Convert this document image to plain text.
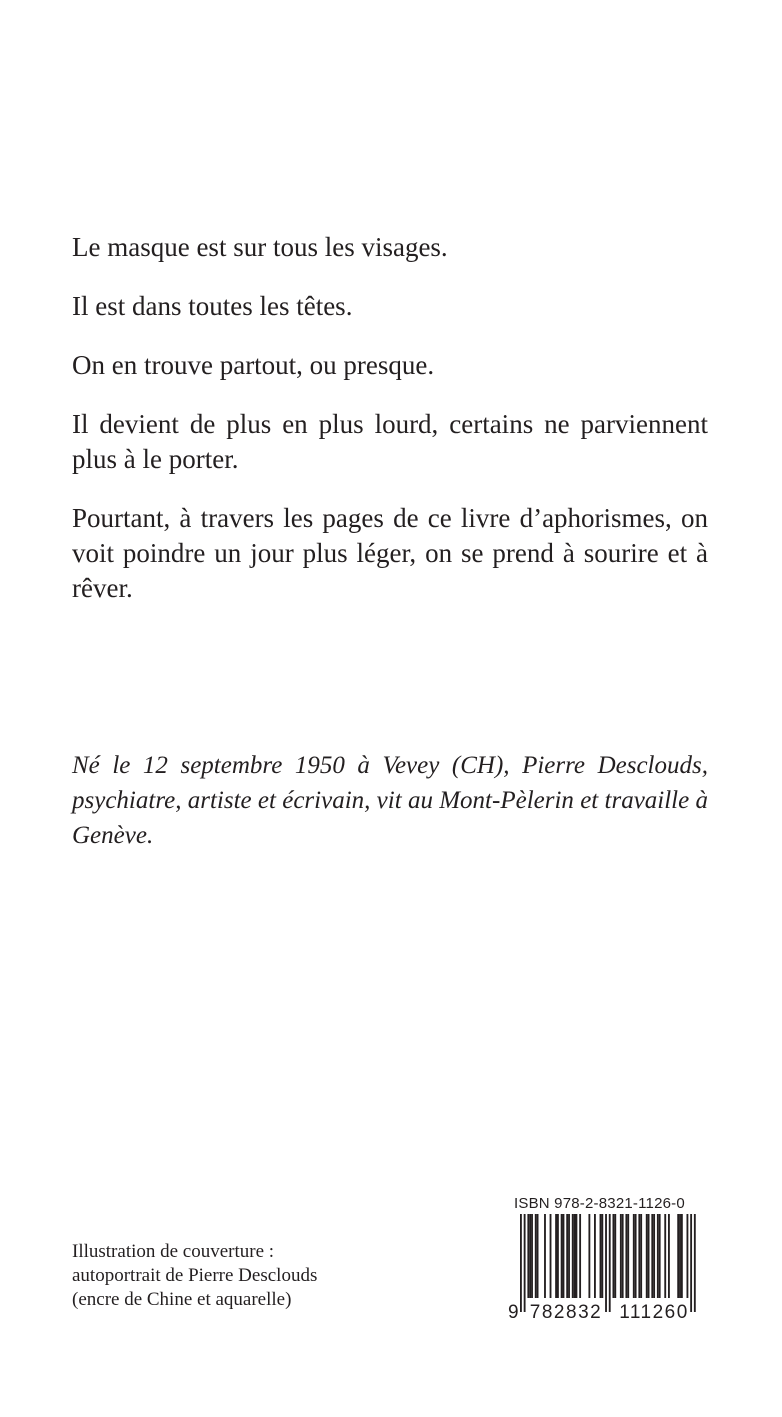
Le masque est sur tous les visages.

Il est dans toutes les têtes.

On en trouve partout, ou presque.

Il devient de plus en plus lourd, certains ne parviennent plus à le porter.

Pourtant, à travers les pages de ce livre d’aphorismes, on voit poindre un jour plus léger, on se prend à sourire et à rêver.

Né le 12 septembre 1950 à Vevey (CH), Pierre Desclouds, psychiatre, artiste et écrivain, vit au Mont-Pèlerin et travaille à Genève.

Illustration de couverture :
autoportrait de Pierre Desclouds
(encre de Chine et aquarelle)
ISBN 978-2-8321-1126-0
9 782832 111260
